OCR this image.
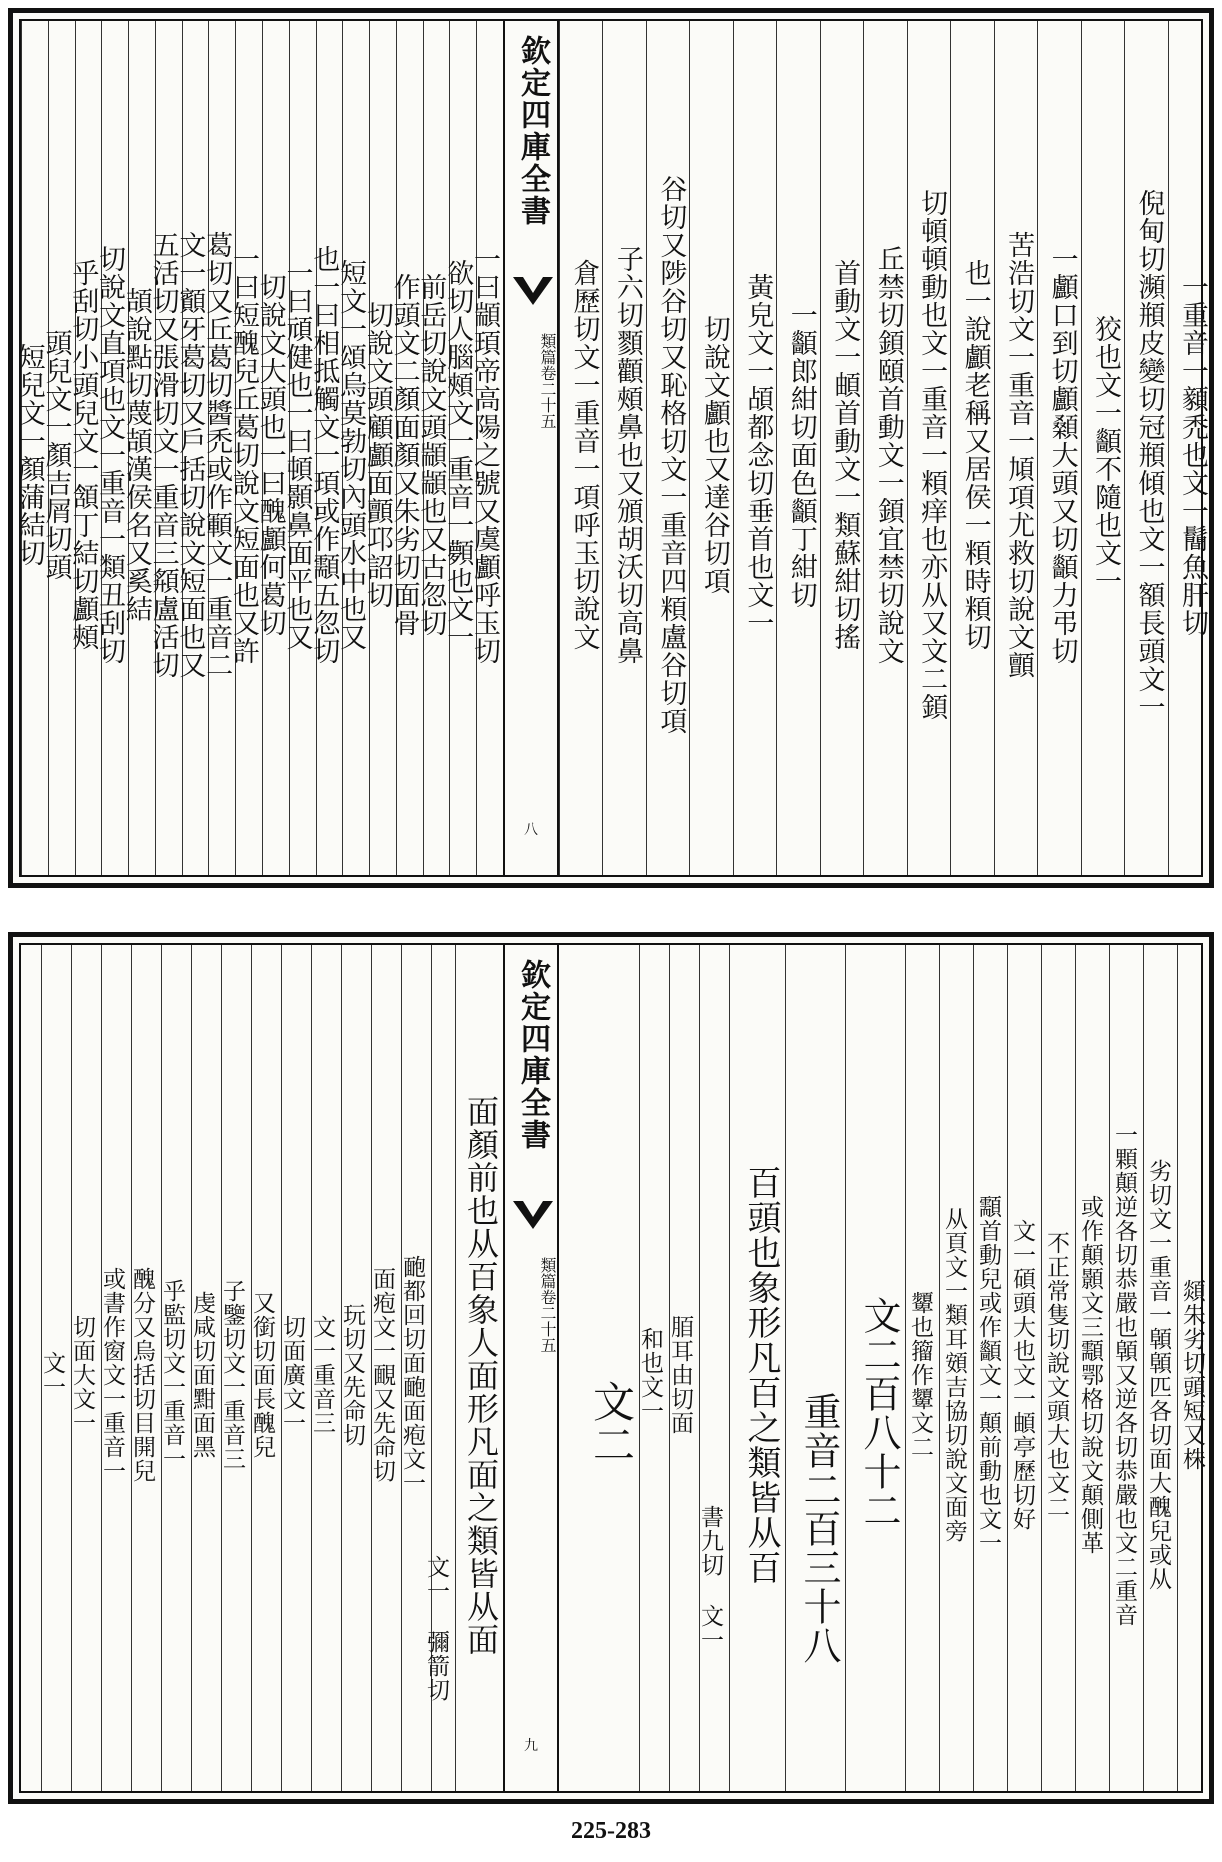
一曰顓頊帝高陽之號又虞顱呼玉切
欲切人腦頰文一重音一顭也文一
前岳切說文頭顓顓也又古忽切
作頭文二顏面顏又朱劣切面骨
切說文頭顧顱面顫邛詔切
短文一頌烏莫勃切內頭水中也又
也一曰相抵觸文一頊或作顬五忽切
一曰頑健也一曰頓顥鼻面平也又
切說文大頭也一曰醜顱何葛切
一曰短醜兒丘葛切說文短面也又許
葛切又丘葛切醬禿或作顐文一重音二
文一顮牙葛切又戶括切說文短面也又
五活切又張滑切文一重音三頯盧活切
頡說點切蔑頡漢侯名又奚結
切說文直項也文一重音一類丑刮切
乎刮切小頭兒文一頷丁結切顱頰
頭兒文一顏吉屑切頭
短兒文一顏蒲結切
欽定四庫全書
類篇
卷二十五
八
一重音一顡禿也文一鬝魚肝切
倪甸切瀕頩皮變切冠頩傾也文一額長頭文一
狡也文一顲不隨也文一
一顱口到切顱顙大頭又切顲力弔切
苦浩切文一重音一頄項尤救切說文顫
也一說顱老稱又居侯一頪時頪切
切頓頓動也文一重音一頪痒也亦从又文二顉
丘禁切顉頤首動文一顉宜禁切說文
首動文一頔首動文一類蘇紺切搖
一顲郎紺切面色顲丁紺切
黃皃文一頕都念切垂首也文一
切說文顱也又達谷切項
谷切又陟谷切又恥格切文一重音四頪盧谷切項
子六切顟顴頰鼻也又頒胡沃切高鼻
倉歷切文一重音一項呼玉切說文
面顏前也从百象人面形凡面之類皆从面
文一 彌箭切
靤都回切面靤面疱文一
面疱文一靦又先命切
玩切又先命切
文一重音三
切面廣文一
又銜切面長醜兒
子鑒切文一重音三
虔咸切面黚面黑
乎監切文一重音一
醜分又烏括切目開兒
或書作窗文一重音一
切面大文一
文一
欽定四庫全書
類篇
卷二十五
九
顃朱劣切頭短又株
劣切文一重音一顊顊匹各切面大醜兒或从
一顆顛逆各切恭嚴也顊又逆各切恭嚴也文二重音
或作顛顥文三顬鄂格切說文顛側革
不正常隻切說文頭大也文二
文一碩頭大也文一頔亭歷切好
顬首動兒或作顲文一顛前動也文一
从頁文一類耳頞吉協切說文面旁
顰也籀作顰文二
文二百八十二
重音二百三十八
百頭也象形凡百之類皆从百
書九切 文一
脜耳由切面
和也文一
文二
225-283
